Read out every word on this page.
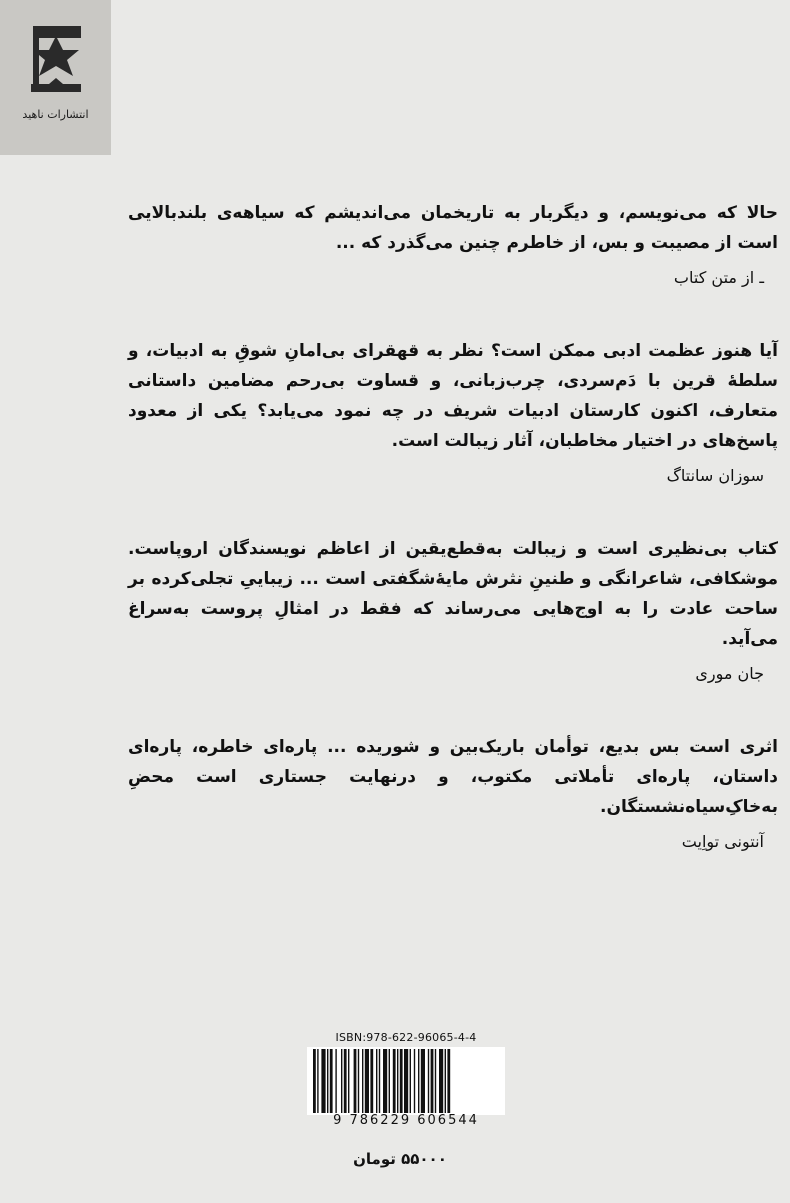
انتشارات ناهید

حالا که می‌نویسم، و دیگربار به تاریخمان می‌اندیشم که سیاهه‌ی بلندبالایی است از مصیبت و بس، از خاطرم چنین می‌گذرد که ...

ـ از متن کتاب

آیا هنوز عظمت ادبی ممکن است؟ نظر به قهقرای بی‌امانِ شوقِ به ادبیات، و سلطهٔ قرین با دَم‌سردی، چرب‌زبانی، و قساوت بی‌رحم مضامین داستانی متعارف، اکنون کارستان ادبیات شریف در چه نمود می‌یابد؟ یکی از معدود پاسخ‌های در اختیار مخاطبان، آثار زیبالت است.

سوزان سانتاگ

کتاب بی‌نظیری است و زیبالت به‌قطع‌یقین از اعاظم نویسندگان اروپاست. موشکافی، شاعرانگی و طنینِ نثرش مایهٔ‌شگفتی است ... زیباییِ تجلی‌کرده بر ساحت عادت را به اوج‌هایی می‌رساند که فقط در امثالِ پروست به‌سراغ می‌آید.

جان موری

اثری است بس بدیع، توأمان باریک‌بین و شوریده ... پاره‌ای خاطره، پاره‌ای داستان، پاره‌ای تأملاتی مکتوب، و درنهایت جستاری است محضِ به‌خاکِ‌سیاه‌نشستگان.

آنتونی تواِیت

ISBN:978-622-96065-4-4
9 786229 606544
۵۵۰۰۰ تومان
